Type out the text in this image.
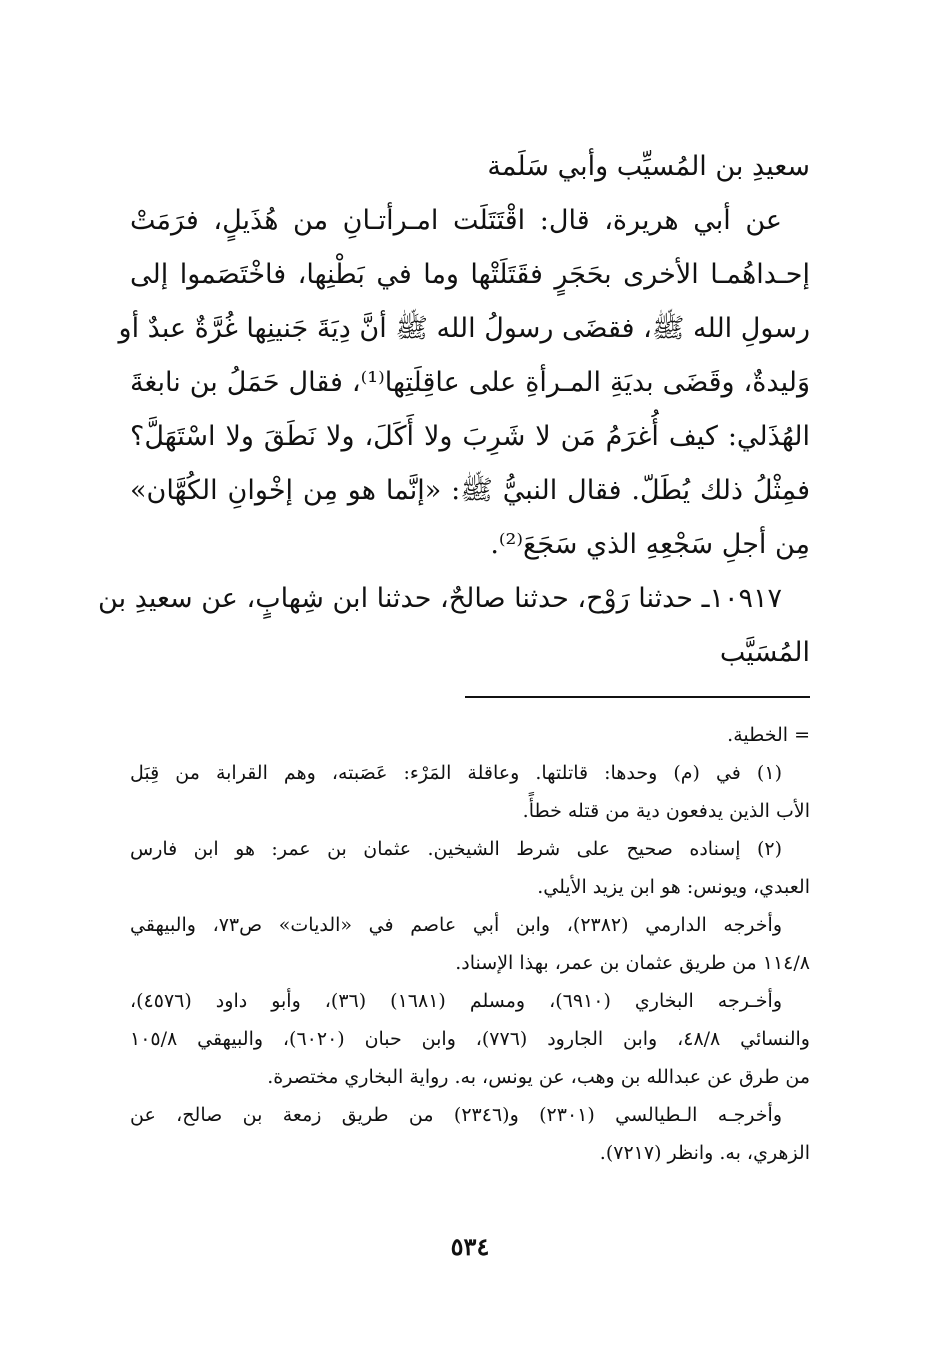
سعيدِ بن المُسيِّب وأبي سَلَمة
عن أبي هريرة، قال: اقْتَتَلَت امـرأتـانِ من هُذَيلٍ، فرَمَتْ
إحـداهُمـا الأخرى بحَجَرٍ فقَتَلَتْها وما في بَطْنِها، فاخْتَصَموا إلى
رسولِ الله ﷺ، فقضَى رسولُ الله ﷺ أنَّ دِيَةَ جَنينِها غُرَّةٌ عبدٌ أو
وَليدةٌ، وقَضَى بديَةِ المـرأةِ على عاقِلَتِها⁽¹⁾، فقال حَمَلُ بن نابغةَ
الهُذَلي: كيف أُغرَمُ مَن لا شَرِبَ ولا أَكَلَ، ولا نَطَقَ ولا اسْتَهَلَّ؟
فمِثْلُ ذلك يُطَلّ. فقال النبيُّ ﷺ: «إنَّما هو مِن إخْوانِ الكُهَّان»
مِن أجلِ سَجْعِهِ الذي سَجَعَ⁽²⁾.
١٠٩١٧ـ حدثنا رَوْح، حدثنا صالحٌ، حدثنا ابن شِهابٍ، عن سعيدِ بن
المُسَيَّب
= الخطية.
(١) في (م) وحدها: قاتلتها. وعاقلة المَرْء: عَصَبته، وهم القرابة من قِبَل
الأب الذين يدفعون دية من قتله خطأً.
(٢) إسناده صحيح على شرط الشيخين. عثمان بن عمر: هو ابن فارس
العبدي، ويونس: هو ابن يزيد الأيلي.
وأخرجه الدارمي (٢٣٨٢)، وابن أبي عاصم في «الديات» ص٧٣، والبيهقي
١١٤/٨ من طريق عثمان بن عمر، بهذا الإسناد.
وأخـرجه البخاري (٦٩١٠)، ومسلم (١٦٨١) (٣٦)، وأبو داود (٤٥٧٦)،
والنسائي ٤٨/٨، وابن الجارود (٧٧٦)، وابن حبان (٦٠٢٠)، والبيهقي ١٠٥/٨
من طرق عن عبدالله بن وهب، عن يونس، به. رواية البخاري مختصرة.
وأخرجـه الـطيالسي (٢٣٠١) و(٢٣٤٦) من طريق زمعة بن صالح، عن
الزهري، به. وانظر (٧٢١٧).
٥٣٤
